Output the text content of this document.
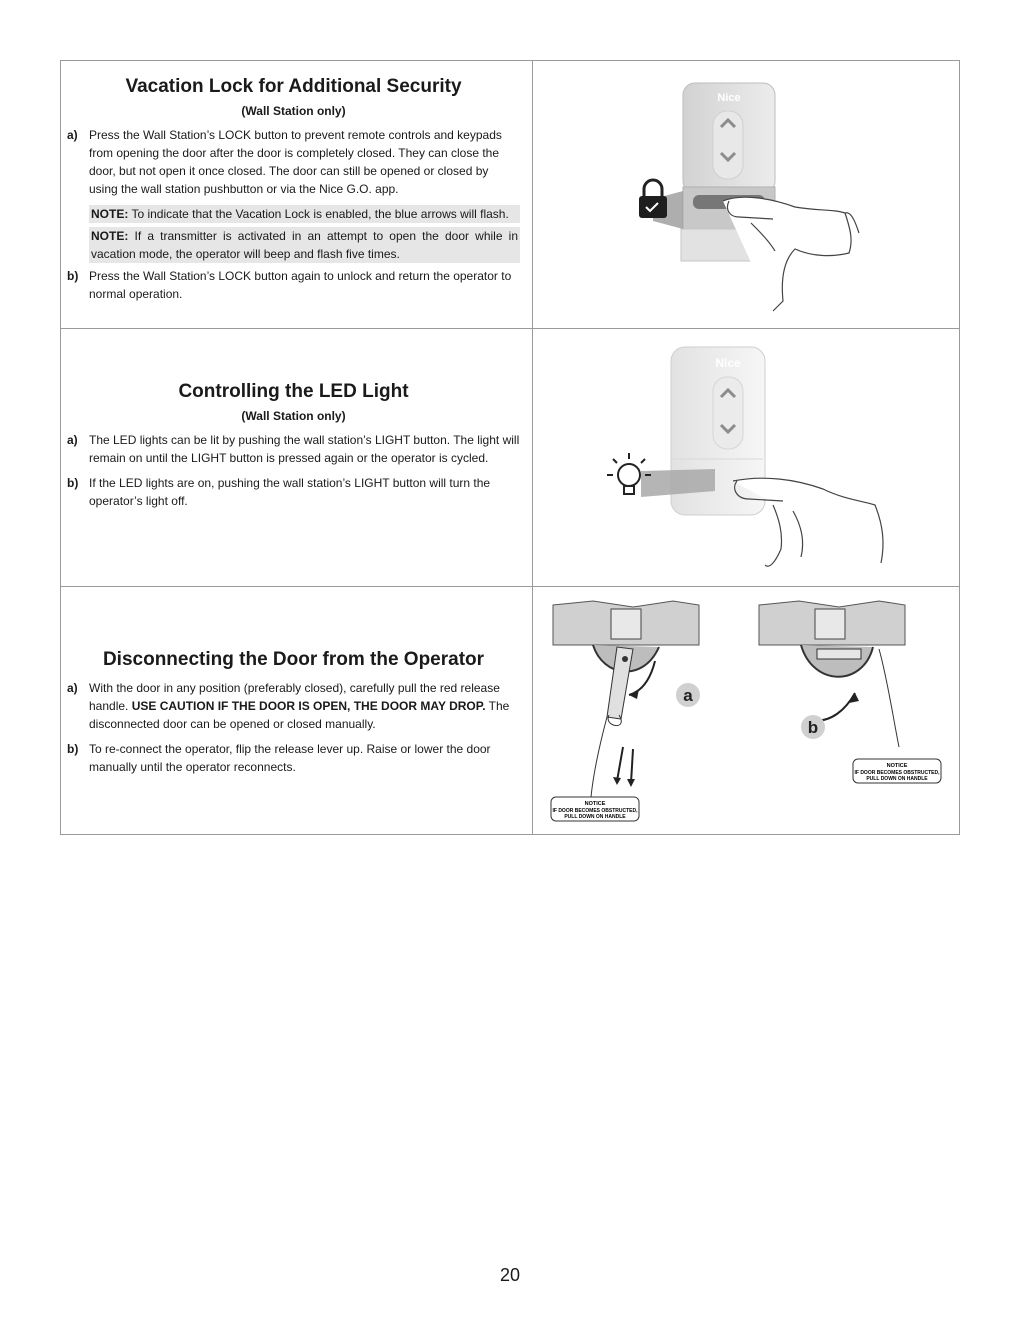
Vacation Lock for Additional Security
(Wall Station only)
a) Press the Wall Station’s LOCK button to prevent remote controls and keypads from opening the door after the door is completely closed. They can close the door, but not open it once closed. The door can still be opened or closed by using the wall station pushbutton or via the Nice G.O. app.
NOTE: To indicate that the Vacation Lock is enabled, the blue arrows will flash.
NOTE: If a transmitter is activated in an attempt to open the door while in vacation mode, the operator will beep and flash five times.
b) Press the Wall Station’s LOCK button again to unlock and return the operator to normal operation.
Nice
Controlling the LED Light
(Wall Station only)
a) The LED lights can be lit by pushing the wall station’s LIGHT button. The light will remain on until the LIGHT button is pressed again or the operator is cycled.
b) If the LED lights are on, pushing the wall station’s LIGHT button will turn the operator’s light off.
Nice
Disconnecting the Door from the Operator
a) With the door in any position (preferably closed), carefully pull the red release handle. USE CAUTION IF THE DOOR IS OPEN, THE DOOR MAY DROP. The disconnected door can be opened or closed manually.
b) To re-connect the operator, flip the release lever up. Raise or lower the door manually until the operator reconnects.
a
NOTICE
IF DOOR BECOMES OBSTRUCTED,
PULL DOWN ON HANDLE
b
NOTICE
IF DOOR BECOMES OBSTRUCTED,
PULL DOWN ON HANDLE
20
